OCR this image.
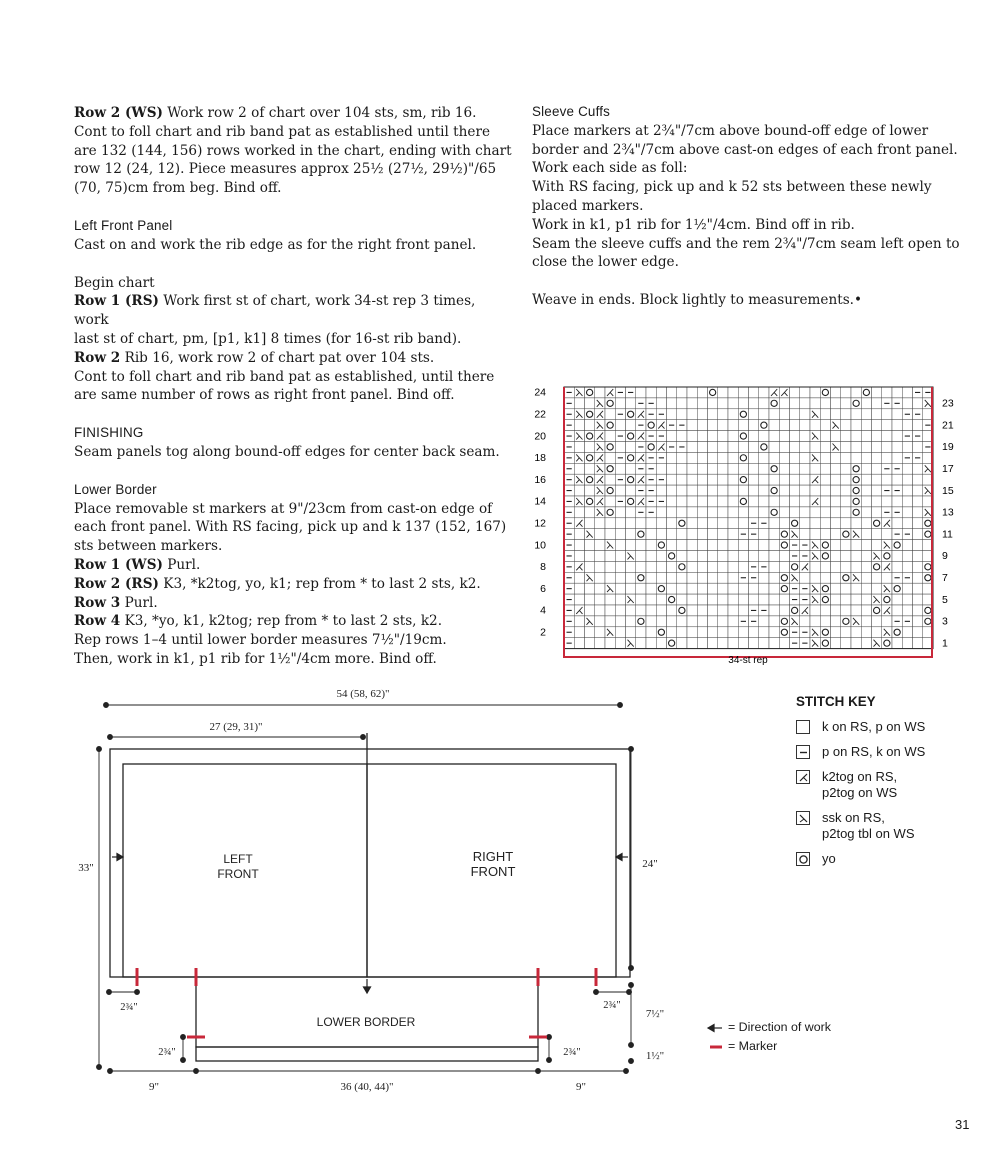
Row 2 (WS) Work row 2 of chart over 104 sts, sm, rib 16.

Cont to foll chart and rib band pat as established until there

are 132 (144, 156) rows worked in the chart, ending with chart

row 12 (24, 12). Piece measures approx 25½ (27½, 29½)"/65

(70, 75)cm from beg. Bind off.

Left Front Panel

Cast on and work the rib edge as for the right front panel.

Begin chart

Row 1 (RS) Work first st of chart, work 34-st rep 3 times, work

last st of chart, pm, [p1, k1] 8 times (for 16-st rib band).

Row 2 Rib 16, work row 2 of chart pat over 104 sts.

Cont to foll chart and rib band pat as established, until there

are same number of rows as right front panel. Bind off.

FINISHING

Seam panels tog along bound-off edges for center back seam.

Lower Border

Place removable st markers at 9"/23cm from cast-on edge of

each front panel. With RS facing, pick up and k 137 (152, 167)

sts between markers.

Row 1 (WS) Purl.

Row 2 (RS) K3, *k2tog, yo, k1; rep from * to last 2 sts, k2.

Row 3 Purl.

Row 4 K3, *yo, k1, k2tog; rep from * to last 2 sts, k2.

Rep rows 1–4 until lower border measures 7½"/19cm.

Then, work in k1, p1 rib for 1½"/4cm more. Bind off.

Sleeve Cuffs

Place markers at 2¾"/7cm above bound-off edge of lower

border and 2¾"/7cm above cast-on edges of each front panel.

Work each side as foll:

With RS facing, pick up and k 52 sts between these newly

placed markers.

Work in k1, p1 rib for 1½"/4cm. Bind off in rib.

Seam the sleeve cuffs and the rem 2¾"/7cm seam left open to

close the lower edge.

Weave in ends. Block lightly to measurements.•

24
22
20
18
16
14
12
10
8
6
4
2
23
21
19
17
15
13
11
9
7
5
3
1
34-st rep
54 (58, 62)"
27 (29, 31)"
33"	24"
LEFT
FRONT
RIGHT
FRONT
LOWER BORDER
2¾"	2¾"
7½"
1½"
2¾"	2¾"
9"	36 (40, 44)"	9"
= Direction of work
= Marker
STITCH KEY
k on RS, p on WS
p on RS, k on WS
k2tog on RS,
p2tog on WS
ssk on RS,
p2tog tbl on WS
yo
31
